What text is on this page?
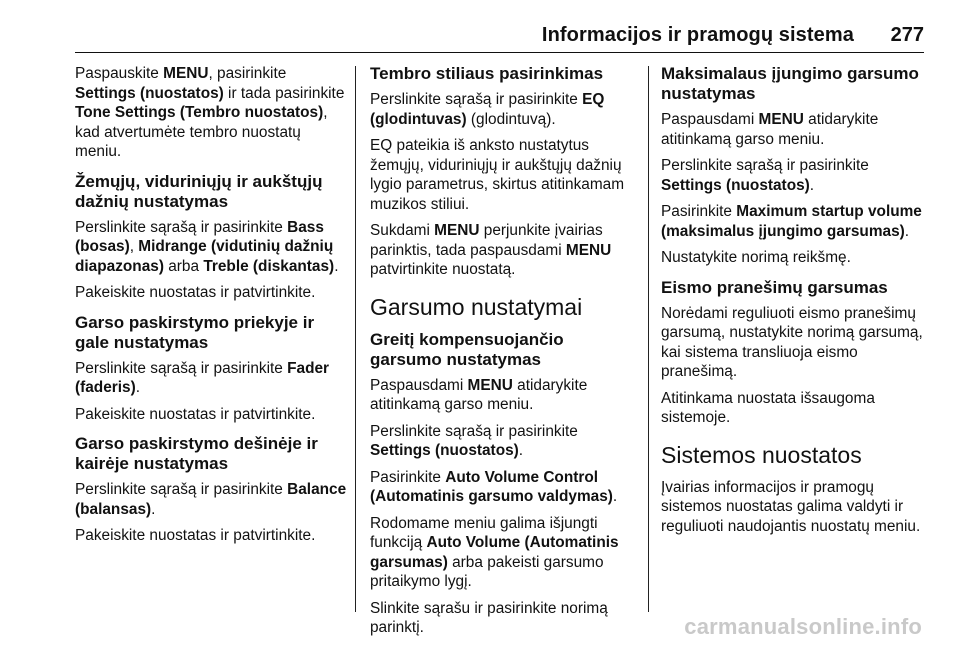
Informacijos ir pramogų sistema 277

Paspauskite MENU, pasirinkite Settings (nuostatos) ir tada pasirinkite Tone Settings (Tembro nuostatos), kad atvertumėte tembro nuostatų meniu.

Žemųjų, viduriniųjų ir aukštųjų dažnių nustatymas

Perslinkite sąrašą ir pasirinkite Bass (bosas), Midrange (vidutinių dažnių diapazonas) arba Treble (diskantas).

Pakeiskite nuostatas ir patvirtinkite.

Garso paskirstymo priekyje ir gale nustatymas

Perslinkite sąrašą ir pasirinkite Fader (faderis).

Pakeiskite nuostatas ir patvirtinkite.

Garso paskirstymo dešinėje ir kairėje nustatymas

Perslinkite sąrašą ir pasirinkite Balance (balansas).

Pakeiskite nuostatas ir patvirtinkite.

Tembro stiliaus pasirinkimas

Perslinkite sąrašą ir pasirinkite EQ (glodintuvas) (glodintuvą).

EQ pateikia iš anksto nustatytus žemųjų, viduriniųjų ir aukštųjų dažnių lygio parametrus, skirtus atitinkamam muzikos stiliui.

Sukdami MENU perjunkite įvairias parinktis, tada paspausdami MENU patvirtinkite nuostatą.

Garsumo nustatymai
Greitį kompensuojančio garsumo nustatymas

Paspausdami MENU atidarykite atitinkamą garso meniu.

Perslinkite sąrašą ir pasirinkite Settings (nuostatos).

Pasirinkite Auto Volume Control (Automatinis garsumo valdymas).

Rodomame meniu galima išjungti funkciją Auto Volume (Automatinis garsumas) arba pakeisti garsumo pritaikymo lygį.

Slinkite sąrašu ir pasirinkite norimą parinktį.

Maksimalaus įjungimo garsumo nustatymas

Paspausdami MENU atidarykite atitinkamą garso meniu.

Perslinkite sąrašą ir pasirinkite Settings (nuostatos).

Pasirinkite Maximum startup volume (maksimalus įjungimo garsumas).

Nustatykite norimą reikšmę.

Eismo pranešimų garsumas

Norėdami reguliuoti eismo pranešimų garsumą, nustatykite norimą garsumą, kai sistema transliuoja eismo pranešimą.

Atitinkama nuostata išsaugoma sistemoje.

Sistemos nuostatos

Įvairias informacijos ir pramogų sistemos nuostatas galima valdyti ir reguliuoti naudojantis nuostatų meniu.

carmanualsonline.info
